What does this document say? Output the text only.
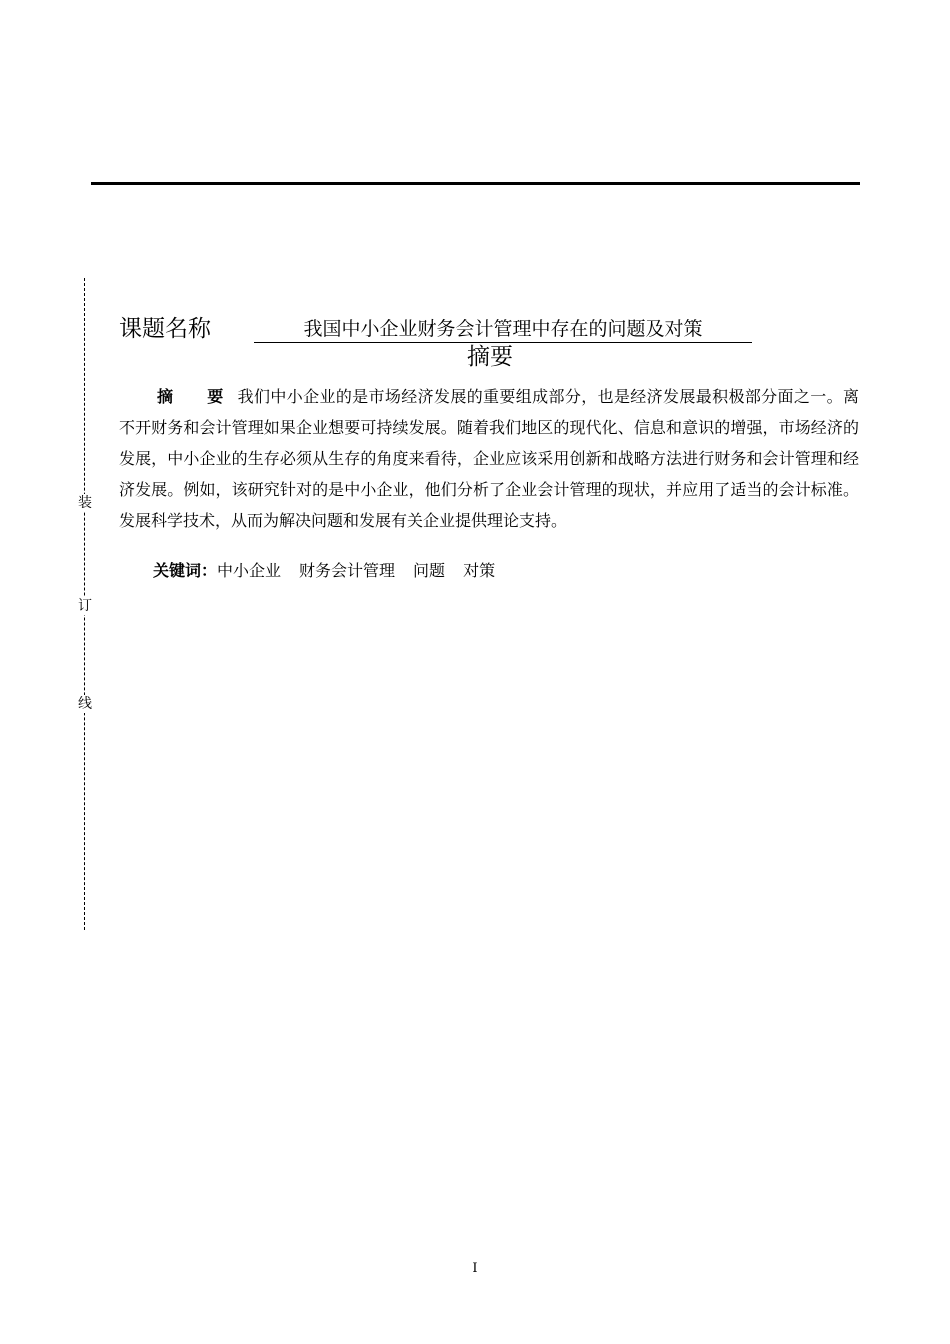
装
订
线
课题名称	我国中小企业财务会计管理中存在的问题及对策
摘要

摘 要我们中小企业的是市场经济发展的重要组成部分，也是经济发展最积极部分面之一。离不开财务和会计管理如果企业想要可持续发展。随着我们地区的现代化、信息和意识的增强，市场经济的发展，中小企业的生存必须从生存的角度来看待，企业应该采用创新和战略方法进行财务和会计管理和经济发展。例如，该研究针对的是中小企业，他们分析了企业会计管理的现状，并应用了适当的会计标准。发展科学技术，从而为解决问题和发展有关企业提供理论支持。

关键词：中小企业 财务会计管理 问题 对策
I
